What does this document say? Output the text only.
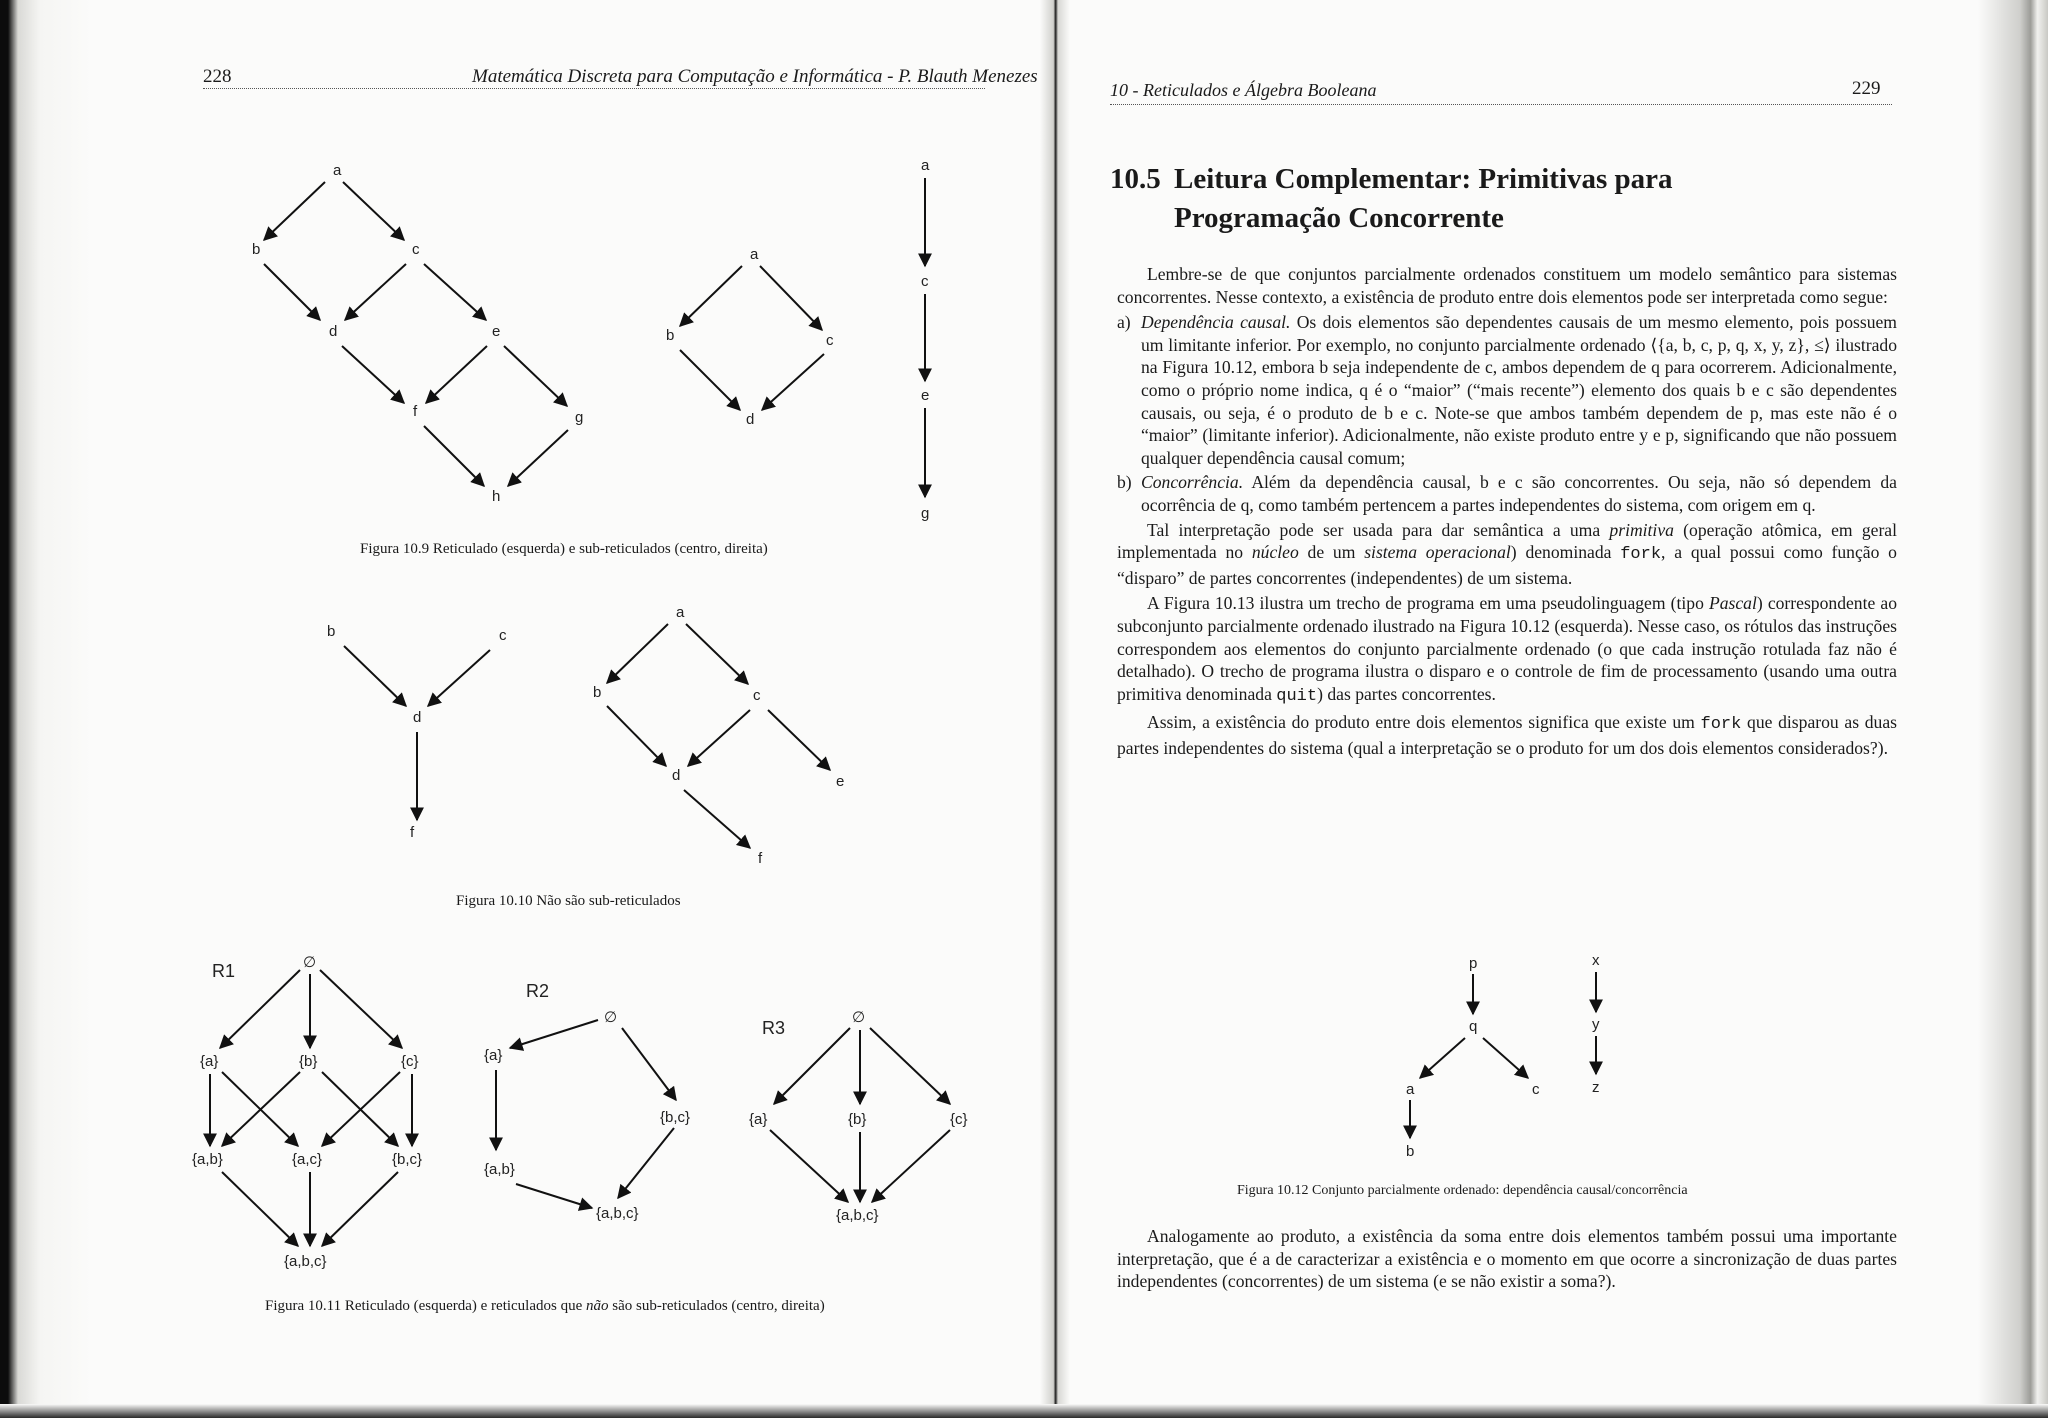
228	Matemática Discreta para Computação e Informática - P. Blauth Menezes
a
b	c
d	e
f	g
h
a
b	c
d
a
c
e
g
b	c
d
f
a
b	c
d	e
f
R1	∅
{a}	{b}	{c}
{a,b}	{a,c}	{b,c}
{a,b,c}
R2
∅
{a}
{b,c}
{a,b}
{a,b,c}
R3
∅
{a}	{b}	{c}
{a,b,c}
Figura 10.9 Reticulado (esquerda) e sub-reticulados (centro, direita)
Figura 10.10 Não são sub-reticulados
Figura 10.11 Reticulado (esquerda) e reticulados que não são sub-reticulados (centro, direita)
10 - Reticulados e Álgebra Booleana	229
10.5 Leitura Complementar: Primitivas para
Programação Concorrente

Lembre-se de que conjuntos parcialmente ordenados constituem um modelo semântico para sistemas concorrentes. Nesse contexto, a existência de produto entre dois elementos pode ser interpretada como segue:

a) Dependência causal. Os dois elementos são dependentes causais de um mesmo elemento, pois possuem um limitante inferior. Por exemplo, no conjunto parcialmente ordenado ⟨{a, b, c, p, q, x, y, z}, ≤⟩ ilustrado na Figura 10.12, embora b seja independente de c, ambos dependem de q para ocorrerem. Adicionalmente, como o próprio nome indica, q é o “maior” (“mais recente”) elemento dos quais b e c são dependentes causais, ou seja, é o produto de b e c. Note-se que ambos também dependem de p, mas este não é o “maior” (limitante inferior). Adicionalmente, não existe produto entre y e p, significando que não possuem qualquer dependência causal comum;
b) Concorrência. Além da dependência causal, b e c são concorrentes. Ou seja, não só dependem da ocorrência de q, como também pertencem a partes independentes do sistema, com origem em q.

Tal interpretação pode ser usada para dar semântica a uma primitiva (operação atômica, em geral implementada no núcleo de um sistema operacional) denominada fork, a qual possui como função o “disparo” de partes concorrentes (independentes) de um sistema.

A Figura 10.13 ilustra um trecho de programa em uma pseudolinguagem (tipo Pascal) correspondente ao subconjunto parcialmente ordenado ilustrado na Figura 10.12 (esquerda). Nesse caso, os rótulos das instruções correspondem aos elementos do conjunto parcialmente ordenado (o que cada instrução rotulada faz não é detalhado). O trecho de programa ilustra o disparo e o controle de fim de processamento (usando uma outra primitiva denominada quit) das partes concorrentes.

Assim, a existência do produto entre dois elementos significa que existe um fork que disparou as duas partes independentes do sistema (qual a interpretação se o produto for um dos dois elementos considerados?).

p
q
a
b
c
x
y
z
Figura 10.12 Conjunto parcialmente ordenado: dependência causal/concorrência

Analogamente ao produto, a existência da soma entre dois elementos também possui uma importante interpretação, que é a de caracterizar a existência e o momento em que ocorre a sincronização de duas partes independentes (concorrentes) de um sistema (e se não existir a soma?).
